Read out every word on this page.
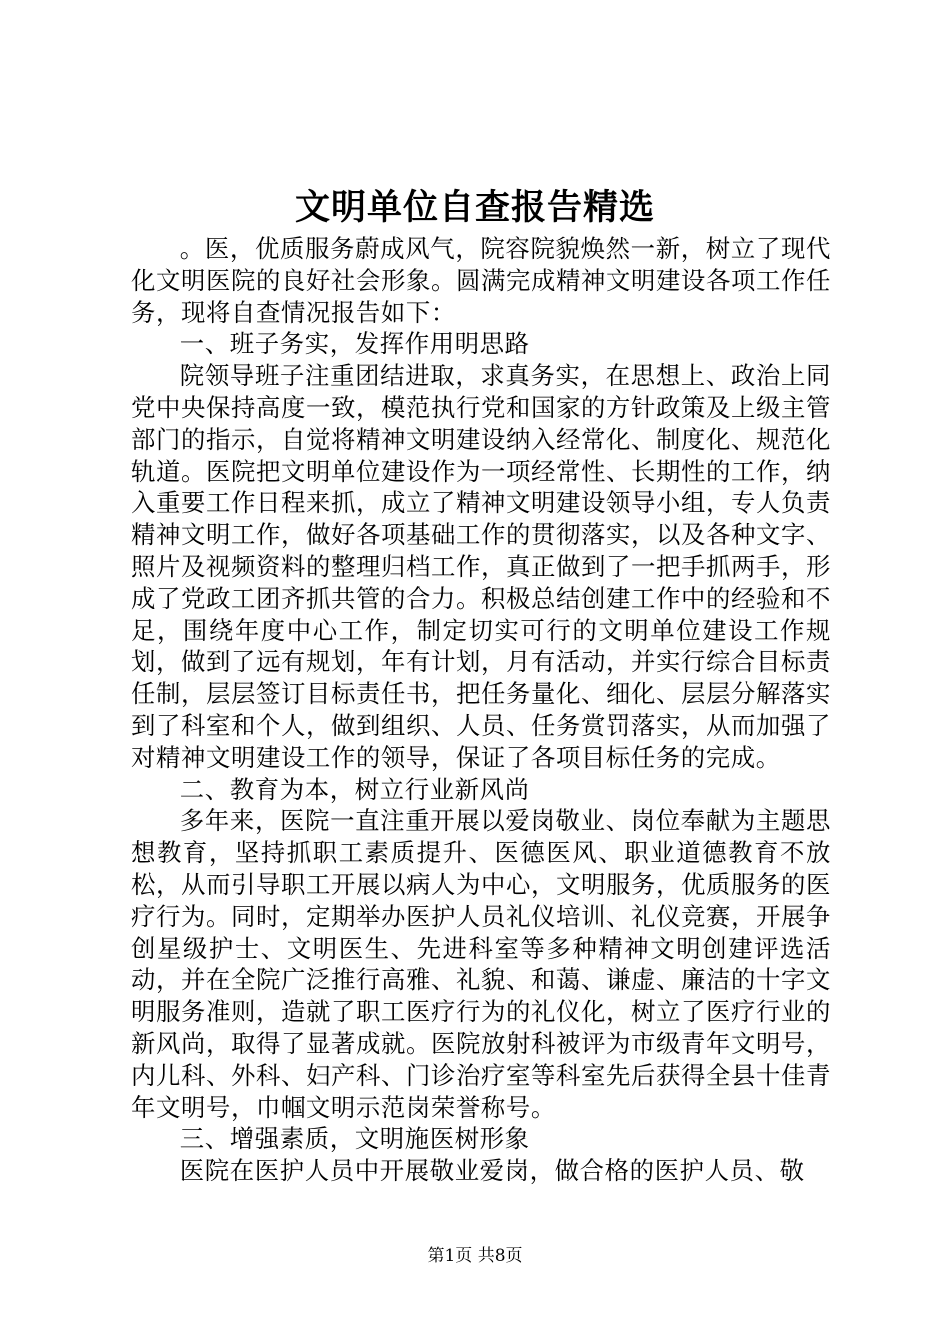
文明单位自查报告精选

。医，优质服务蔚成风气，院容院貌焕然一新，树立了现代化文明医院的良好社会形象。圆满完成精神文明建设各项工作任务，现将自查情况报告如下：

一、班子务实，发挥作用明思路

院领导班子注重团结进取，求真务实，在思想上、政治上同党中央保持高度一致，模范执行党和国家的方针政策及上级主管部门的指示，自觉将精神文明建设纳入经常化、制度化、规范化轨道。医院把文明单位建设作为一项经常性、长期性的工作，纳入重要工作日程来抓，成立了精神文明建设领导小组，专人负责精神文明工作，做好各项基础工作的贯彻落实，以及各种文字、照片及视频资料的整理归档工作，真正做到了一把手抓两手，形成了党政工团齐抓共管的合力。积极总结创建工作中的经验和不足，围绕年度中心工作，制定切实可行的文明单位建设工作规划，做到了远有规划，年有计划，月有活动，并实行综合目标责任制，层层签订目标责任书，把任务量化、细化、层层分解落实到了科室和个人，做到组织、人员、任务赏罚落实，从而加强了对精神文明建设工作的领导，保证了各项目标任务的完成。

二、教育为本，树立行业新风尚

多年来，医院一直注重开展以爱岗敬业、岗位奉献为主题思想教育，坚持抓职工素质提升、医德医风、职业道德教育不放松，从而引导职工开展以病人为中心，文明服务，优质服务的医疗行为。同时，定期举办医护人员礼仪培训、礼仪竞赛，开展争创星级护士、文明医生、先进科室等多种精神文明创建评选活动，并在全院广泛推行高雅、礼貌、和蔼、谦虚、廉洁的十字文明服务准则，造就了职工医疗行为的礼仪化，树立了医疗行业的新风尚，取得了显著成就。医院放射科被评为市级青年文明号，内儿科、外科、妇产科、门诊治疗室等科室先后获得全县十佳青年文明号，巾帼文明示范岗荣誉称号。

三、增强素质，文明施医树形象

医院在医护人员中开展敬业爱岗，做合格的医护人员、敬

第1页 共8页
